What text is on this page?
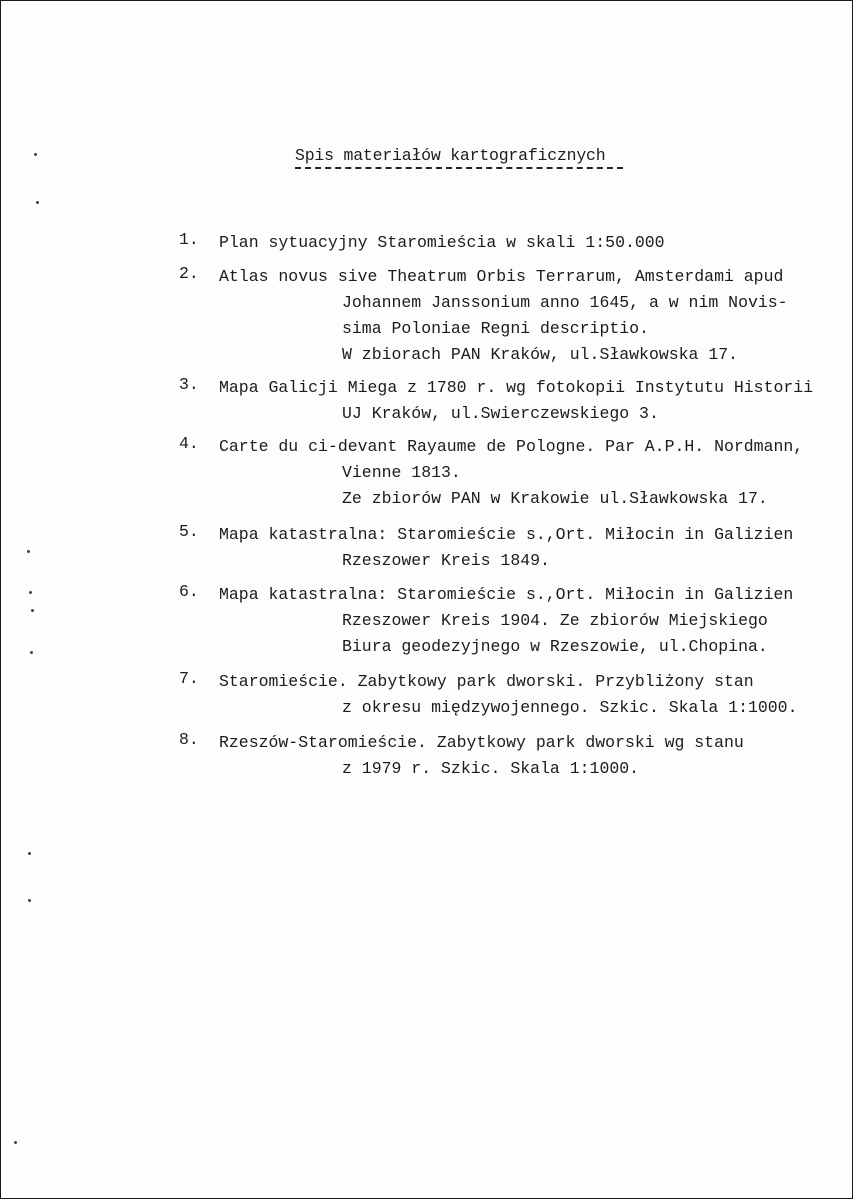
Spis materiałów kartograficznych
1.	Plan sytuacyjny Staromieścia w skali 1:50.000
2.	Atlas novus sive Theatrum Orbis Terrarum, Amsterdami apud
Johannem Janssonium anno 1645, a w nim Novis-
sima Poloniae Regni descriptio.
W zbiorach PAN Kraków, ul.Sławkowska 17.
3.	Mapa Galicji Miega z 1780 r. wg fotokopii Instytutu Historii
UJ Kraków, ul.Swierczewskiego 3.
4.	Carte du ci-devant Rayaume de Pologne. Par A.P.H. Nordmann,
Vienne 1813.
Ze zbiorów PAN w Krakowie ul.Sławkowska 17.
5.	Mapa katastralna: Staromieście s.,Ort. Miłocin in Galizien
Rzeszower Kreis 1849.
6.	Mapa katastralna: Staromieście s.,Ort. Miłocin in Galizien
Rzeszower Kreis 1904. Ze zbiorów Miejskiego
Biura geodezyjnego w Rzeszowie, ul.Chopina.
7.	Staromieście. Zabytkowy park dworski. Przybliżony stan
z okresu międzywojennego. Szkic. Skala 1:1000.
8.	Rzeszów-Staromieście. Zabytkowy park dworski wg stanu
z 1979 r. Szkic. Skala 1:1000.
